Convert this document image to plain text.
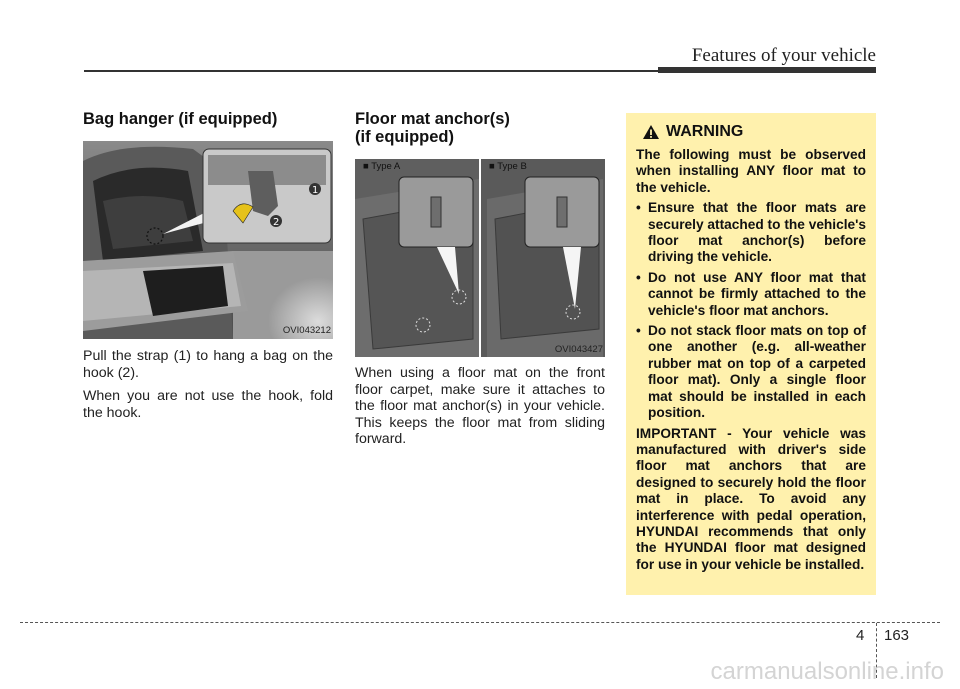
Features of your vehicle
Bag hanger (if equipped)
1
2
OVI043212

Pull the strap (1) to hang a bag on the hook (2).

When you are not use the hook, fold the hook.

Floor mat anchor(s)
(if equipped)
■ Type A	■ Type B
OVI043427

When using a floor mat on the front floor carpet, make sure it attaches to the floor mat anchor(s) in your vehicle. This keeps the floor mat from sliding forward.

WARNING

The following must be observed when installing ANY floor mat to the vehicle.

• Ensure that the floor mats are securely attached to the vehicle's floor mat anchor(s) before driving the vehicle.
• Do not use ANY floor mat that cannot be firmly attached to the vehicle's floor mat anchors.
• Do not stack floor mats on top of one another (e.g. all-weather rubber mat on top of a carpeted floor mat). Only a single floor mat should be installed in each position.

IMPORTANT - Your vehicle was manufactured with driver's side floor mat anchors that are designed to securely hold the floor mat in place. To avoid any interference with pedal operation, HYUNDAI recommends that only the HYUNDAI floor mat designed for use in your vehicle be installed.

4 163
carmanualsonline.info
